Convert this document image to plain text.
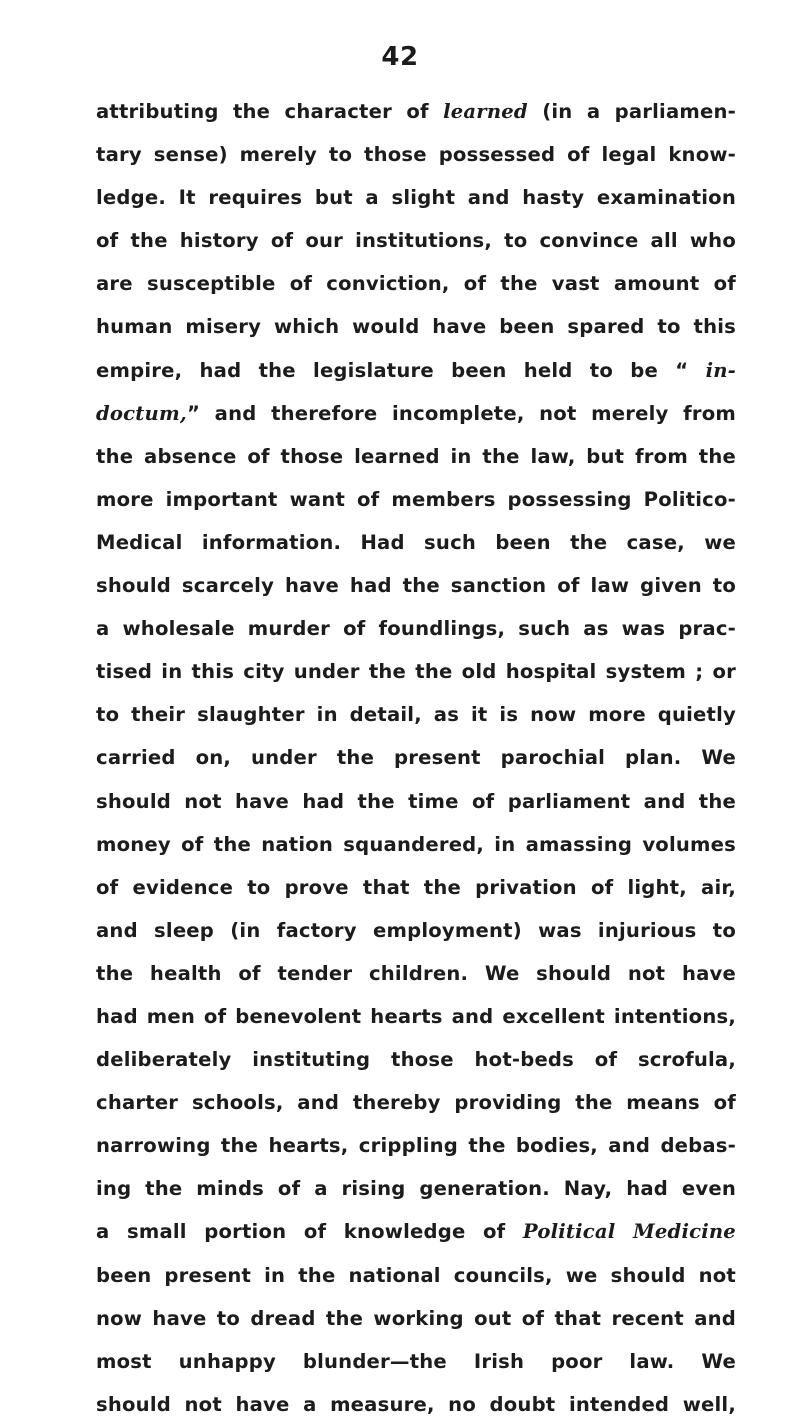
42
attributing the character of learned (in a parliamen-
tary sense) merely to those possessed of legal know-
ledge. It requires but a slight and hasty examination
of the history of our institutions, to convince all who
are susceptible of conviction, of the vast amount of
human misery which would have been spared to this
empire, had the legislature been held to be “ in-
doctum,” and therefore incomplete, not merely from
the absence of those learned in the law, but from the
more important want of members possessing Politico-
Medical information. Had such been the case, we
should scarcely have had the sanction of law given to
a wholesale murder of foundlings, such as was prac-
tised in this city under the the old hospital system ; or
to their slaughter in detail, as it is now more quietly
carried on, under the present parochial plan. We
should not have had the time of parliament and the
money of the nation squandered, in amassing volumes
of evidence to prove that the privation of light, air,
and sleep (in factory employment) was injurious to
the health of tender children. We should not have
had men of benevolent hearts and excellent intentions,
deliberately instituting those hot-beds of scrofula,
charter schools, and thereby providing the means of
narrowing the hearts, crippling the bodies, and debas-
ing the minds of a rising generation. Nay, had even
a small portion of knowledge of Political Medicine
been present in the national councils, we should not
now have to dread the working out of that recent and
most unhappy blunder—the Irish poor law. We
should not have a measure, no doubt intended well,
